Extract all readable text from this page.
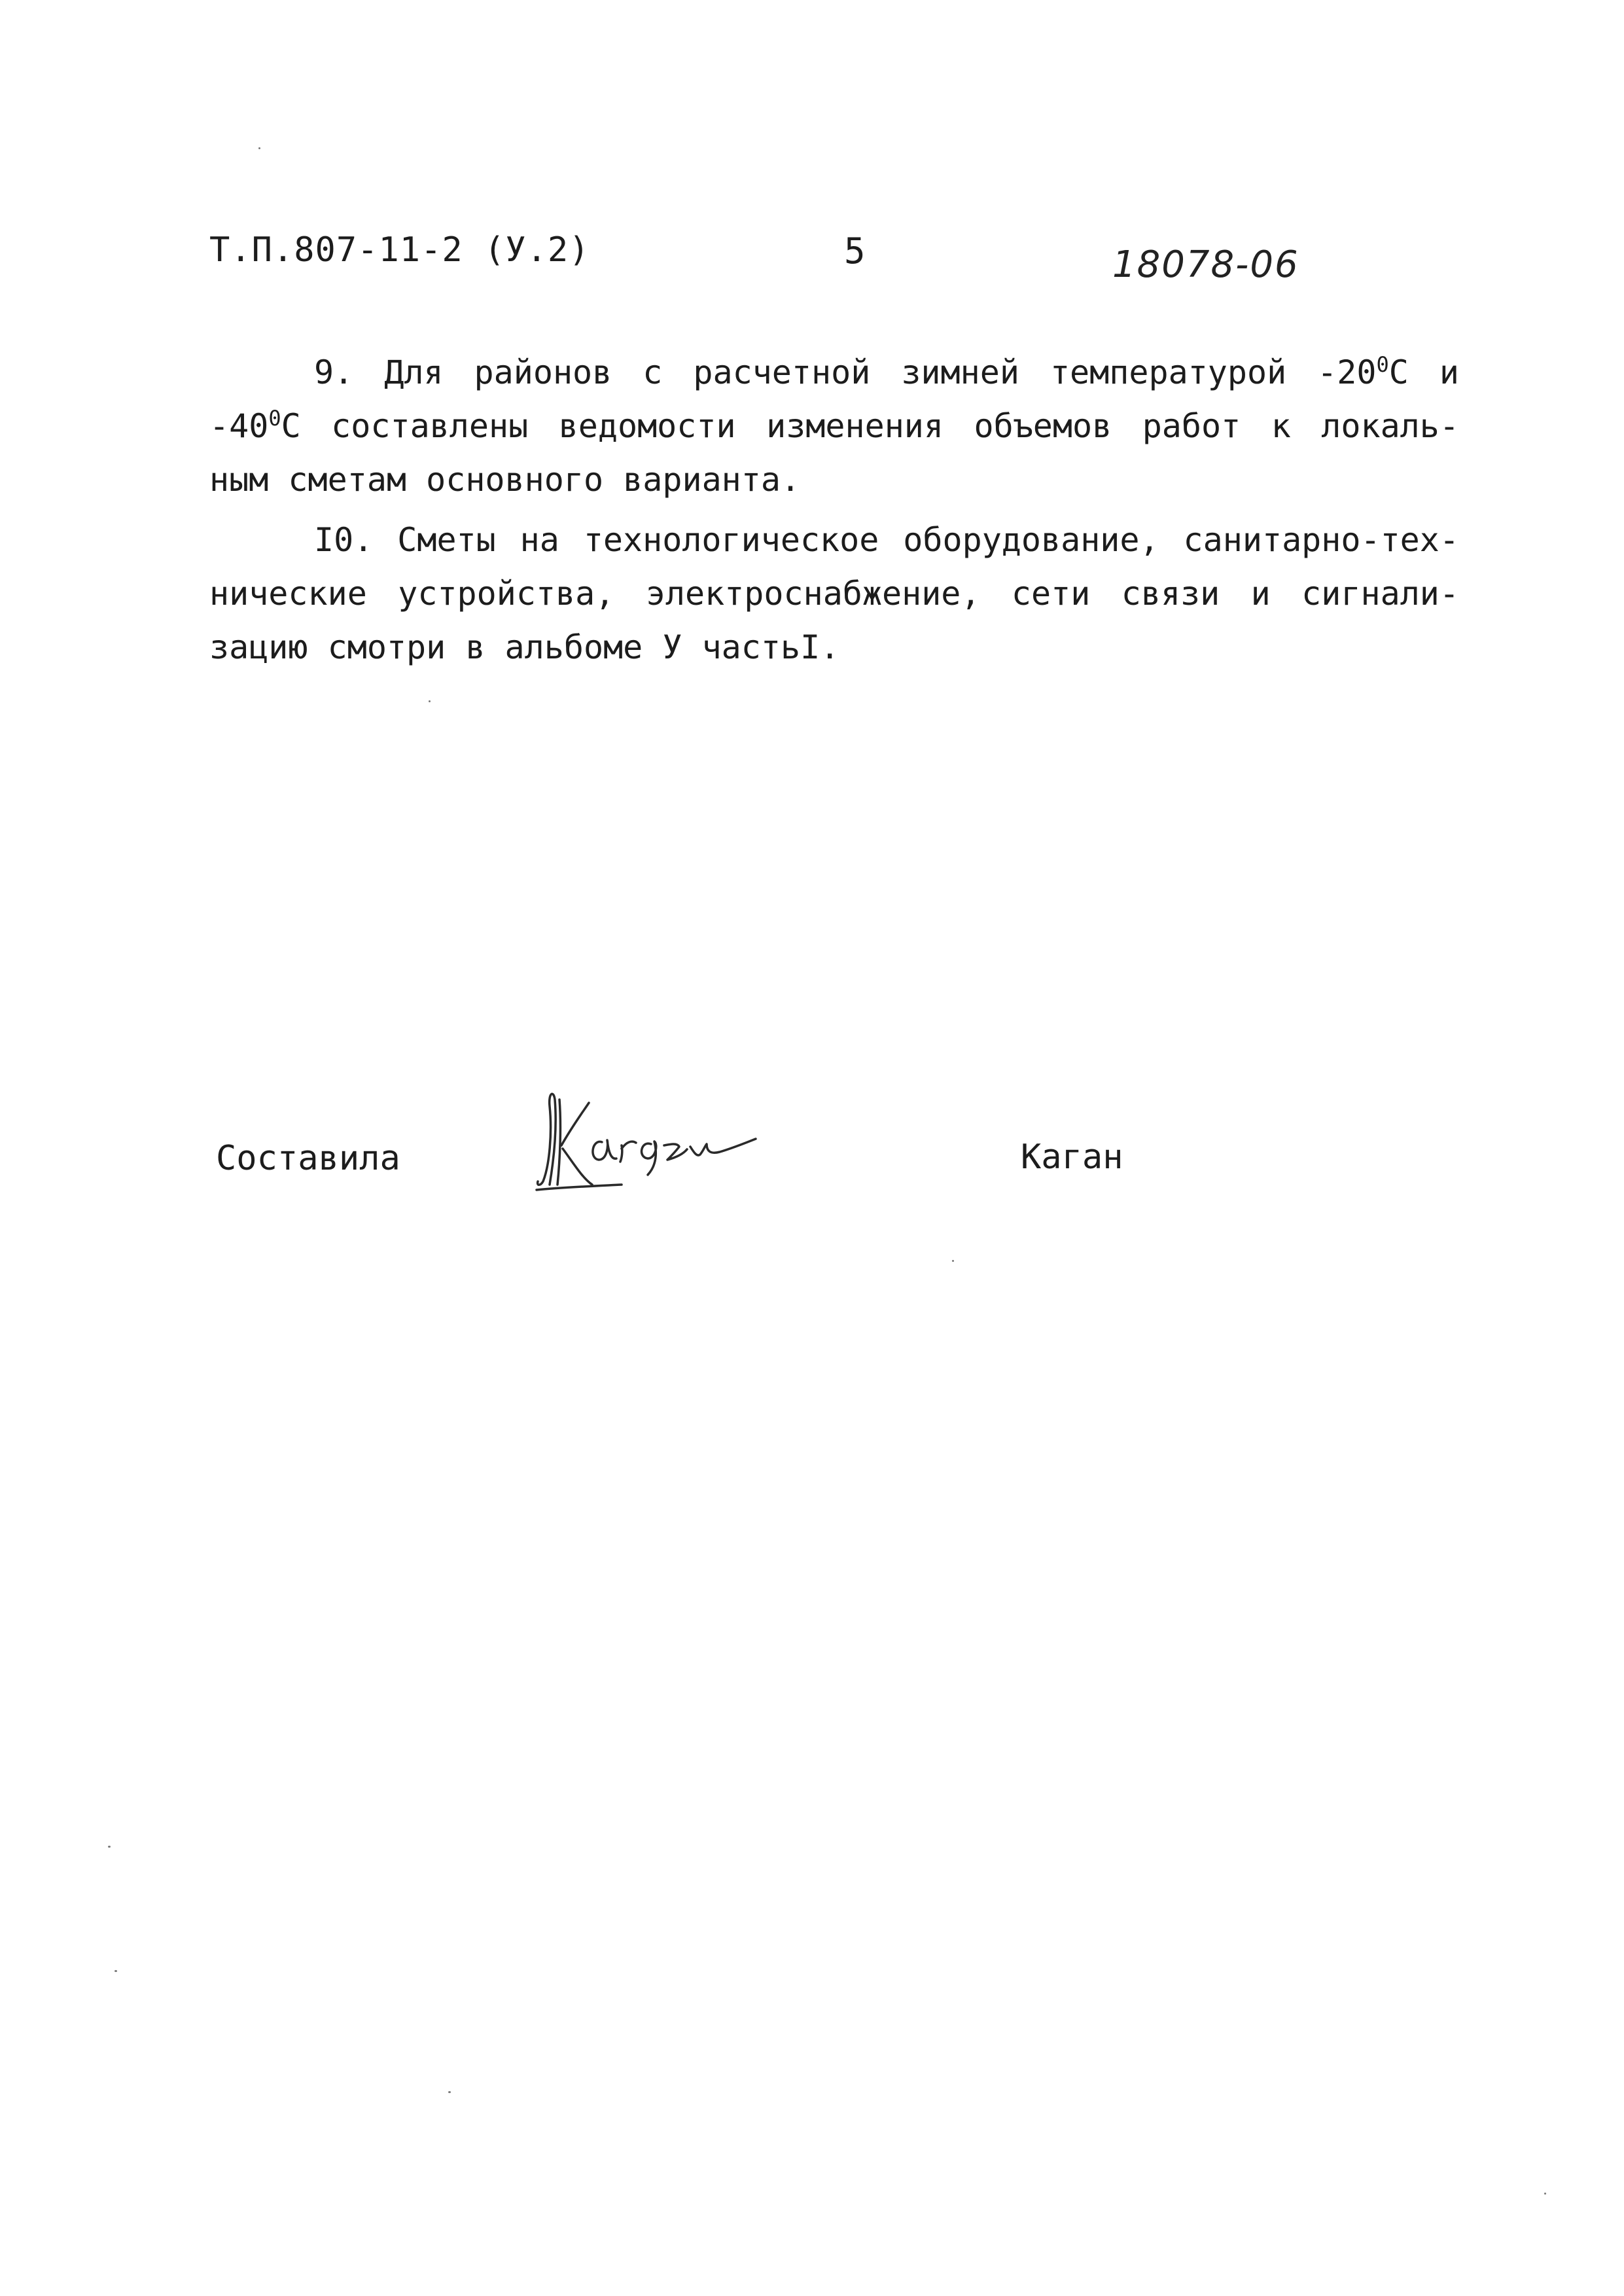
Т.П.807-11-2 (У.2)	5	18078-06
9. Для районов с расчетной зимней температурой $-20^0С$ и
$-40^0С$ составлены ведомости изменения объемов работ к локаль-
ным сметам основного варианта.
I0. Сметы на технологическое оборудование, санитарно-тех-
нические устройства, электроснабжение, сети связи и сигнали-
зацию смотри в альбоме У частьI.
Составила	Каган
